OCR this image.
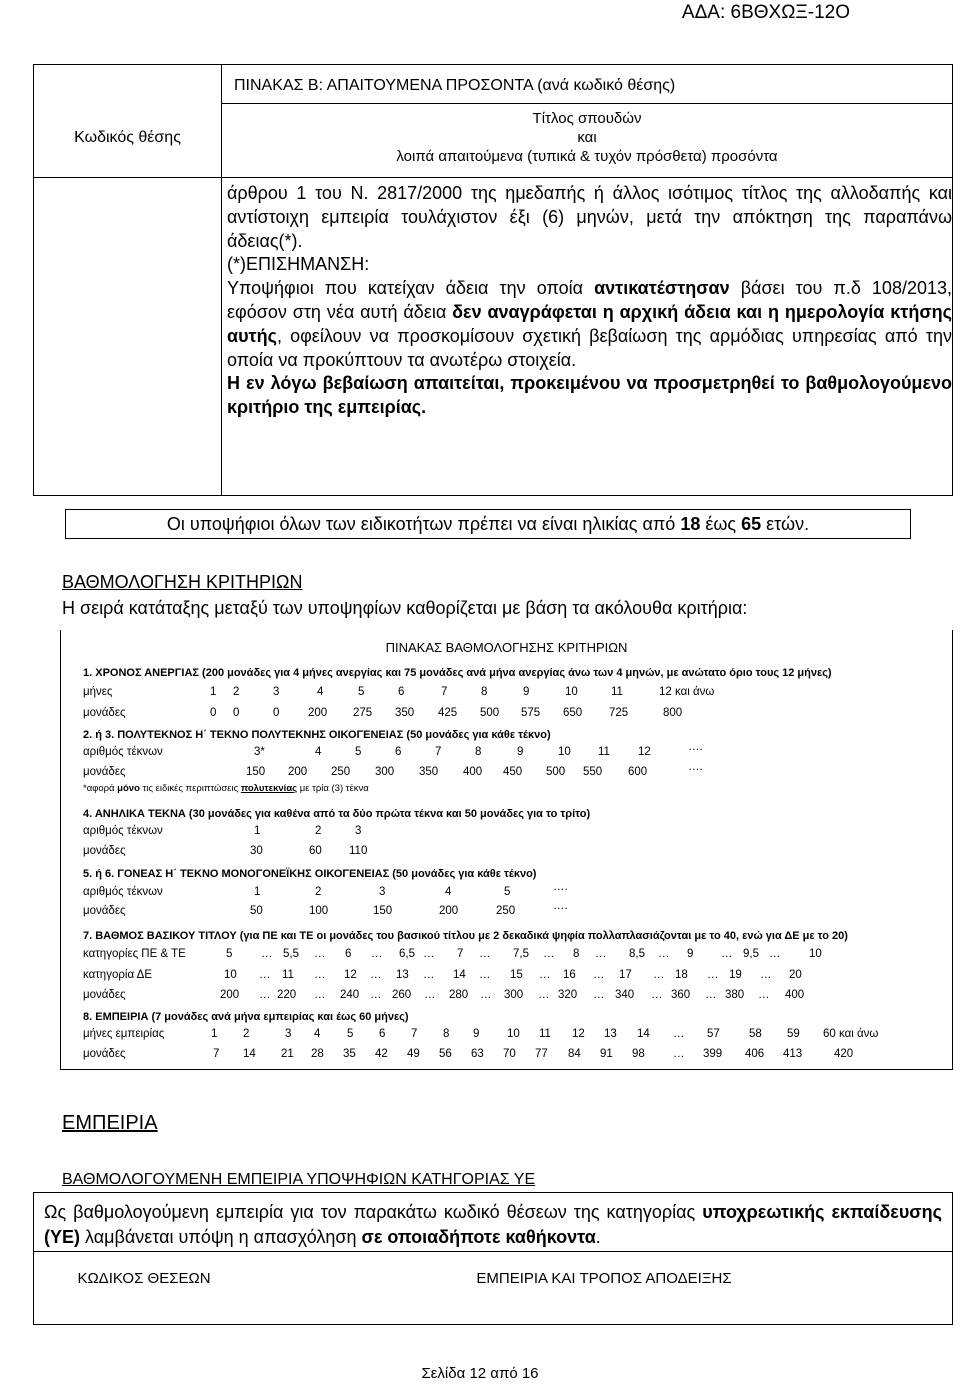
ΑΔΑ: 6ΒΘΧΩΞ-12Ο
ΠΙΝΑΚΑΣ Β: ΑΠΑΙΤΟΥΜΕΝΑ ΠΡΟΣΟΝΤΑ (ανά κωδικό θέσης)
Κωδικός θέσης
Τίτλος σπουδών
και
λοιπά απαιτούμενα (τυπικά & τυχόν πρόσθετα) προσόντα

άρθρου 1 του Ν. 2817/2000 της ημεδαπής ή άλλος ισότιμος τίτλος της αλλοδαπής και αντίστοιχη εμπειρία τουλάχιστον έξι (6) μηνών, μετά την απόκτηση της παραπάνω άδειας(*).

(*)ΕΠΙΣΗΜΑΝΣΗ:

Υποψήφιοι που κατείχαν άδεια την οποία αντικατέστησαν βάσει του π.δ 108/2013, εφόσον στη νέα αυτή άδεια δεν αναγράφεται η αρχική άδεια και η ημερολογία κτήσης αυτής, οφείλουν να προσκομίσουν σχετική βεβαίωση της αρμόδιας υπηρεσίας από την οποία να προκύπτουν τα ανωτέρω στοιχεία.

Η εν λόγω βεβαίωση απαιτείται, προκειμένου να προσμετρηθεί το βαθμολογούμενο κριτήριο της εμπειρίας.

Οι υποψήφιοι όλων των ειδικοτήτων πρέπει να είναι ηλικίας από 18 έως 65 ετών.
ΒΑΘΜΟΛΟΓΗΣΗ ΚΡΙΤΗΡΙΩΝ
Η σειρά κατάταξης μεταξύ των υποψηφίων καθορίζεται με βάση τα ακόλουθα κριτήρια:
ΠΙΝΑΚΑΣ ΒΑΘΜΟΛΟΓΗΣΗΣ ΚΡΙΤΗΡΙΩΝ
1. ΧΡΟΝΟΣ ΑΝΕΡΓΙΑΣ (200 μονάδες για 4 μήνες ανεργίας και 75 μονάδες ανά μήνα ανεργίας άνω των 4 μηνών, με ανώτατο όριο τους 12 μήνες)
μήνες	1 2	3	4	5	6	7	8	9	10	11	12 και άνω
μονάδες	0 0	0 200 275 350 425 500 575 650 725	800
2. ή 3. ΠΟΛΥΤΕΚΝΟΣ Η΄ ΤΕΚΝΟ ΠΟΛΥΤΕΚΝΗΣ ΟΙΚΟΓΕΝΕΙΑΣ (50 μονάδες για κάθε τέκνο)
αριθμός τέκνων	3*	4	5	6	7	8	9	10 11 12	….
μονάδες	150 200 250 300 350 400 450 500 550 600	….
*αφορά μόνο τις ειδικές περιπτώσεις πολυτεκνίας με τρία (3) τέκνα
4. ΑΝΗΛΙΚΑ ΤΕΚΝΑ (30 μονάδες για καθένα από τα δύο πρώτα τέκνα και 50 μονάδες για το τρίτο)
αριθμός τέκνων	1	2	3
μονάδες	30	60 110
5. ή 6. ΓΟΝΕΑΣ Η΄ ΤΕΚΝΟ ΜΟΝΟΓΟΝΕΪΚΗΣ ΟΙΚΟΓΕΝΕΙΑΣ (50 μονάδες για κάθε τέκνο)
αριθμός τέκνων	1	2	3	4	5	….
μονάδες	50	100	150	200	250	….
7. ΒΑΘΜΟΣ ΒΑΣΙΚΟΥ ΤΙΤΛΟΥ (για ΠΕ και ΤΕ οι μονάδες του βασικού τίτλου με 2 δεκαδικά ψηφία πολλαπλασιάζονται με το 40, ενώ για ΔΕ με το 20)
κατηγορίες ΠΕ & ΤΕ	5 … 5,5 … 6 … 6,5 … 7 … 7,5 … 8 … 8,5 … 9 … 9,5 … 10
κατηγορία ΔΕ	10 … 11 … 12 … 13 … 14 … 15 … 16 … 17 … 18 … 19 … 20
μονάδες	200 … 220 … 240 … 260 … 280 … 300 … 320 … 340 … 360 … 380 … 400
8. ΕΜΠΕΙΡΙΑ (7 μονάδες ανά μήνα εμπειρίας και έως 60 μήνες)
μήνες εμπειρίας	1 2	3 4 5 6 7 8 9 10 11 12 13 14 … 57	58 59 60 και άνω
μονάδες	7 14 21 28 35 42 49 56 63 70 77 84 91 98 … 399 406 413	420
ΕΜΠΕΙΡΙΑ
ΒΑΘΜΟΛΟΓΟΥΜΕΝΗ ΕΜΠΕΙΡΙΑ ΥΠΟΨΗΦΙΩΝ ΚΑΤΗΓΟΡΙΑΣ ΥΕ
Ως βαθμολογούμενη εμπειρία για τον παρακάτω κωδικό θέσεων της κατηγορίας υποχρεωτικής εκπαίδευσης (ΥΕ) λαμβάνεται υπόψη η απασχόληση σε οποιαδήποτε καθήκοντα.
ΚΩΔΙΚΟΣ ΘΕΣΕΩΝ	ΕΜΠΕΙΡΙΑ ΚΑΙ ΤΡΟΠΟΣ ΑΠΟΔΕΙΞΗΣ
Σελίδα 12 από 16
